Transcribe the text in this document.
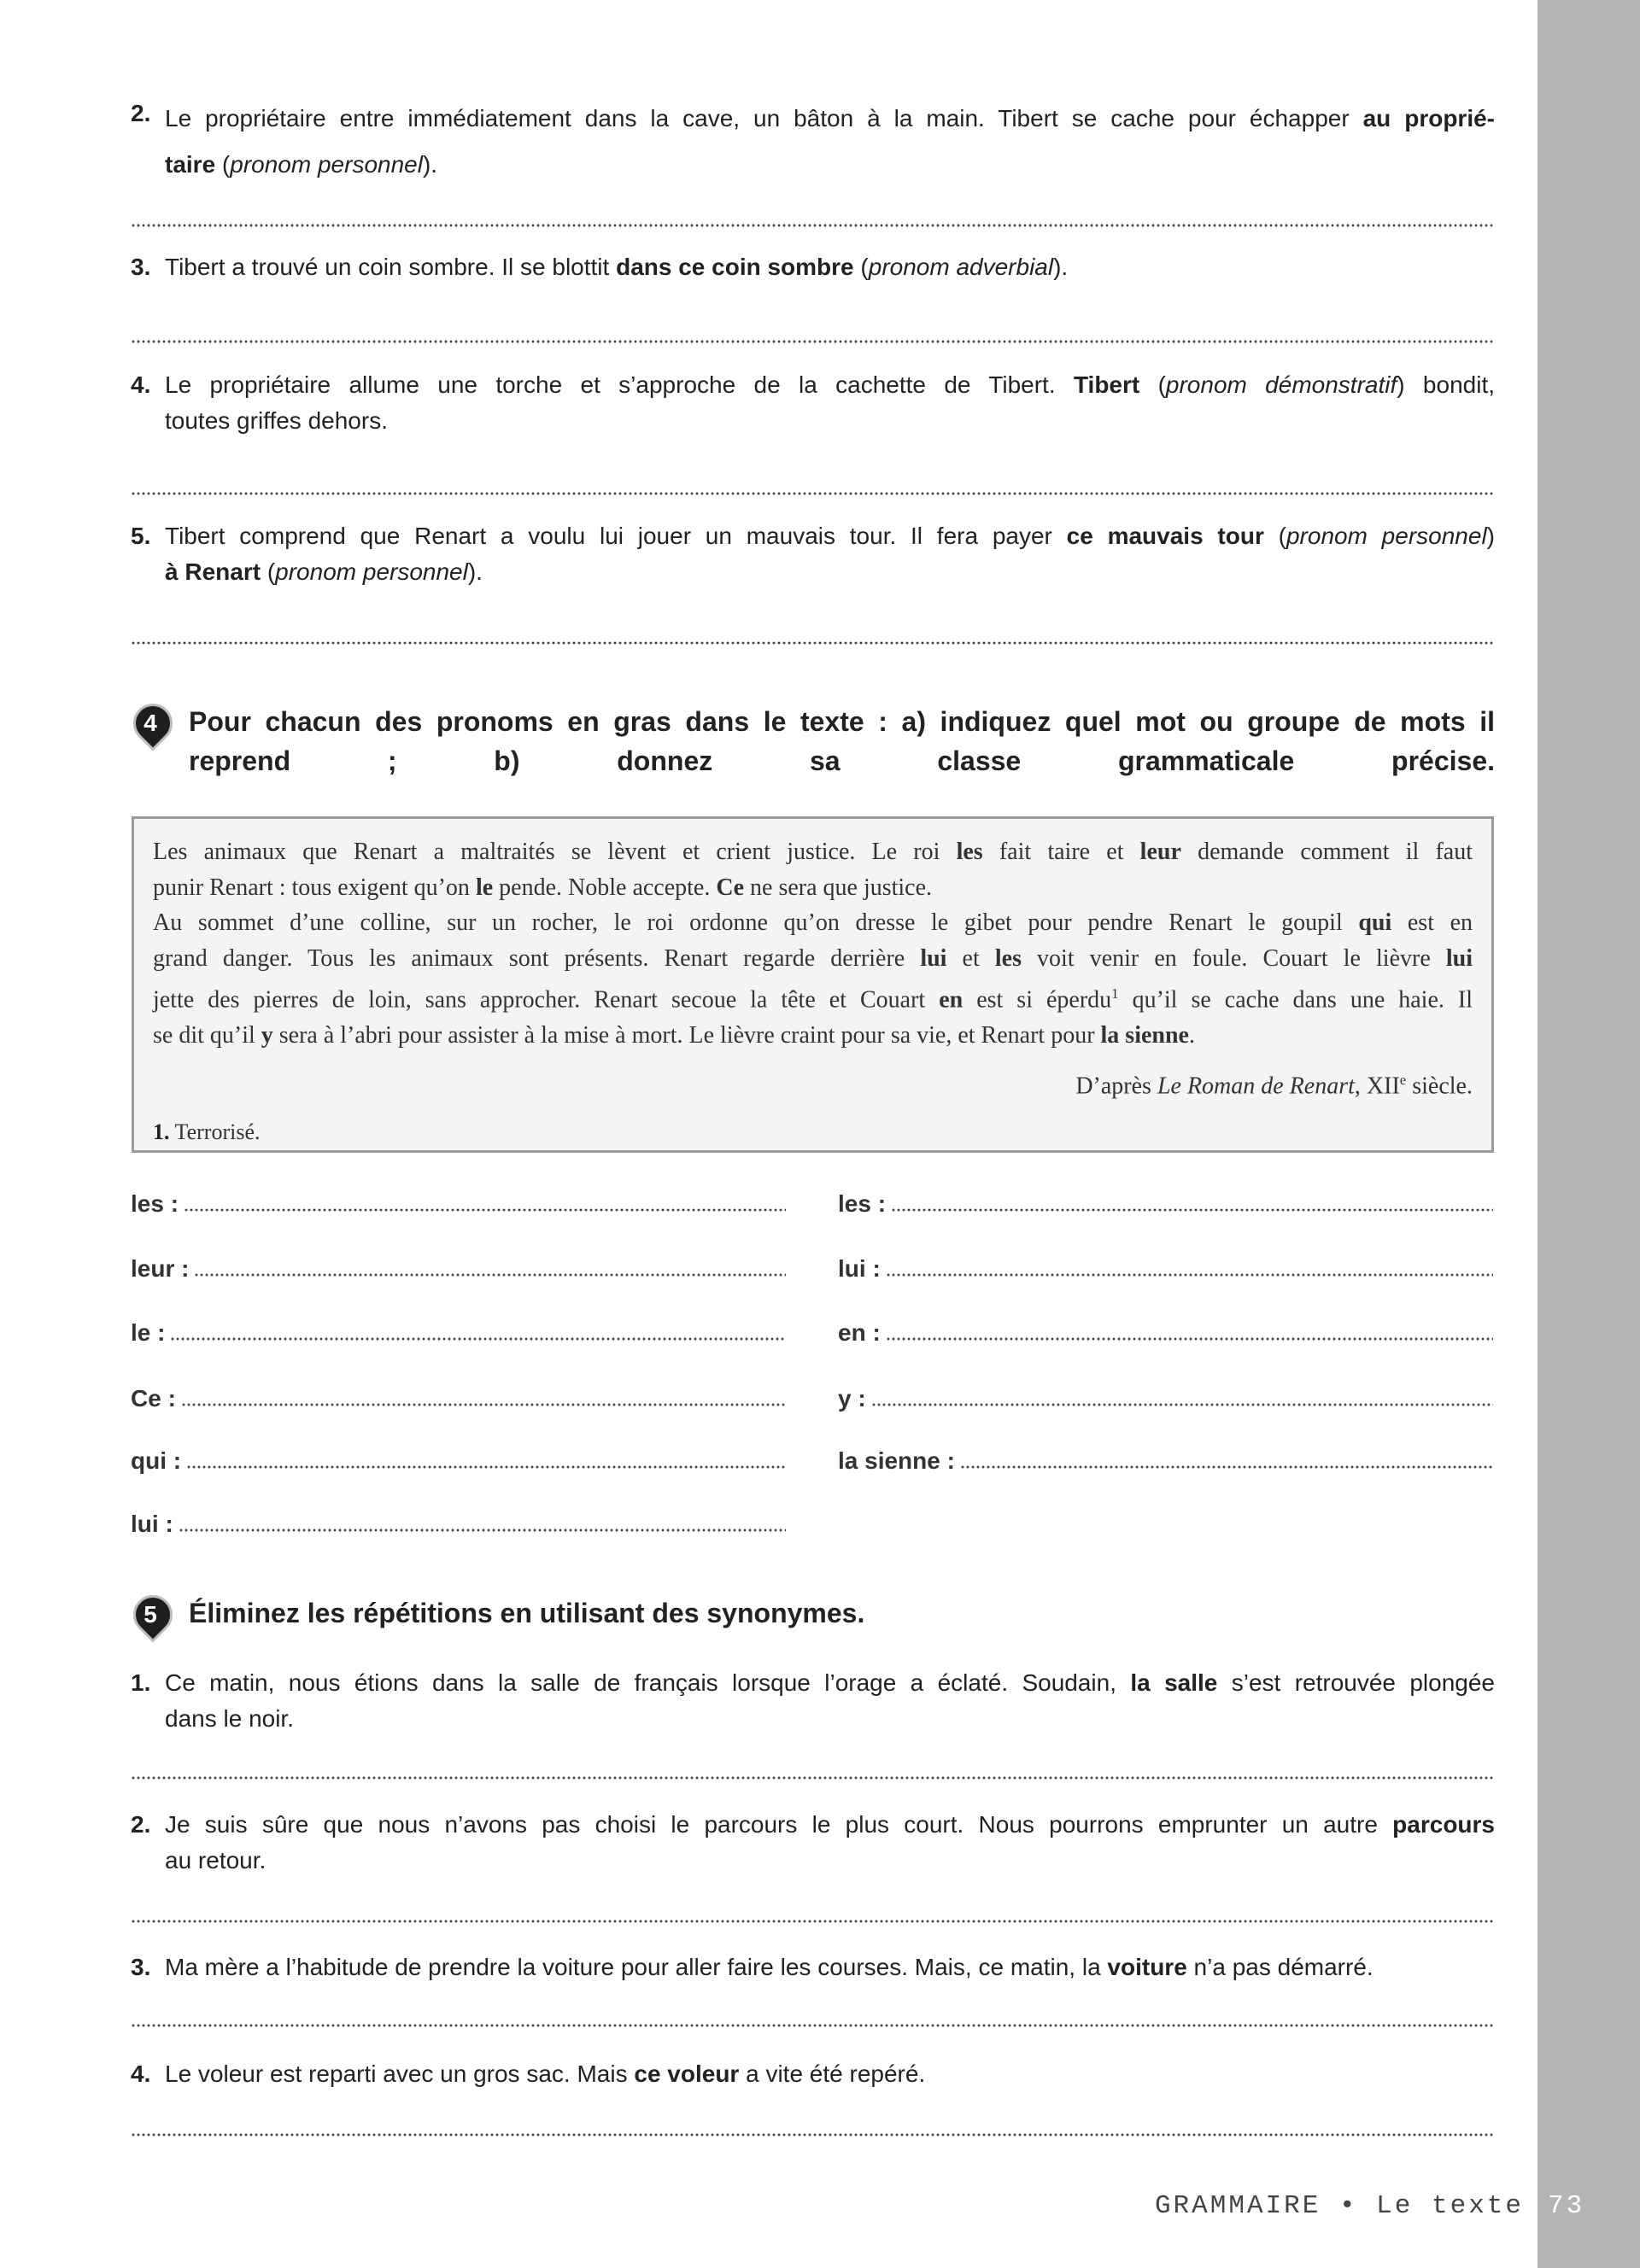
2. Le propriétaire entre immédiatement dans la cave, un bâton à la main. Tibert se cache pour échapper au proprié-
taire (pronom personnel).
3. Tibert a trouvé un coin sombre. Il se blottit dans ce coin sombre (pronom adverbial).
4. Le propriétaire allume une torche et s’approche de la cachette de Tibert. Tibert (pronom démonstratif) bondit,
toutes griffes dehors.
5. Tibert comprend que Renart a voulu lui jouer un mauvais tour. Il fera payer ce mauvais tour (pronom personnel)
à Renart (pronom personnel).
4	Pour chacun des pronoms en gras dans le texte : a) indiquez quel mot ou groupe de mots il
reprend ; b) donnez sa classe grammaticale précise.
Les animaux que Renart a maltraités se lèvent et crient justice. Le roi les fait taire et leur demande comment il faut
punir Renart : tous exigent qu’on le pende. Noble accepte. Ce ne sera que justice.
Au sommet d’une colline, sur un rocher, le roi ordonne qu’on dresse le gibet pour pendre Renart le goupil qui est en
grand danger. Tous les animaux sont présents. Renart regarde derrière lui et les voit venir en foule. Couart le lièvre lui
jette des pierres de loin, sans approcher. Renart secoue la tête et Couart en est si éperdu$^1$ qu’il se cache dans une haie. Il
se dit qu’il y sera à l’abri pour assister à la mise à mort. Le lièvre craint pour sa vie, et Renart pour la sienne.
D’après Le Roman de Renart, XIIe siècle.
1. Terrorisé.
les :
leur :
le :
Ce :
qui :
lui :
les :
lui :
en :
y :
la sienne :
5	Éliminez les répétitions en utilisant des synonymes.
1. Ce matin, nous étions dans la salle de français lorsque l’orage a éclaté. Soudain, la salle s’est retrouvée plongée
dans le noir.
2. Je suis sûre que nous n’avons pas choisi le parcours le plus court. Nous pourrons emprunter un autre parcours
au retour.
3. Ma mère a l’habitude de prendre la voiture pour aller faire les courses. Mais, ce matin, la voiture n’a pas démarré.
4. Le voleur est reparti avec un gros sac. Mais ce voleur a vite été repéré.
GRAMMAIRE • Le texte 73
